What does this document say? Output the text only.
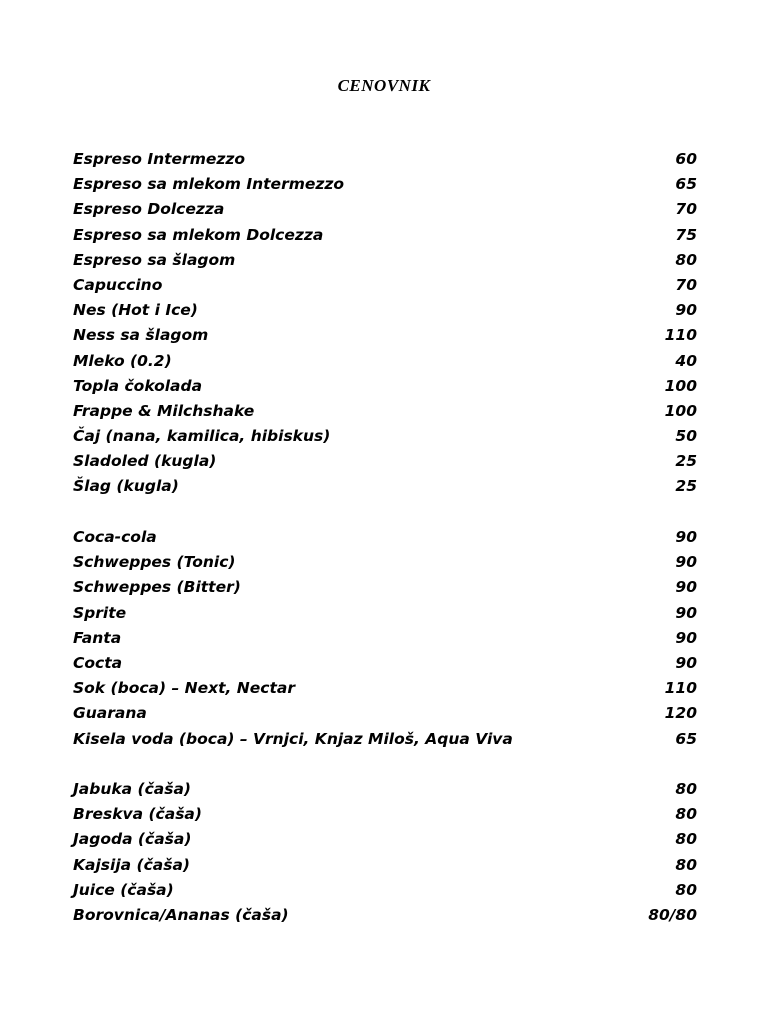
CENOVNIK
Espreso Intermezzo	60
Espreso sa mlekom Intermezzo	65
Espreso Dolcezza	70
Espreso sa mlekom Dolcezza	75
Espreso sa šlagom	80
Capuccino	70
Nes (Hot i Ice)	90
Ness sa šlagom	110
Mleko (0.2)	40
Topla čokolada	100
Frappe & Milchshake	100
Čaj (nana, kamilica, hibiskus)	50
Sladoled (kugla)	25
Šlag (kugla)	25
Coca-cola	90
Schweppes (Tonic)	90
Schweppes (Bitter)	90
Sprite	90
Fanta	90
Cocta	90
Sok (boca) – Next, Nectar	110
Guarana	120
Kisela voda (boca) – Vrnjci, Knjaz Miloš, Aqua Viva	65
Jabuka (čaša)	80
Breskva (čaša)	80
Jagoda (čaša)	80
Kajsija (čaša)	80
Juice (čaša)	80
Borovnica/Ananas (čaša)	80/80
